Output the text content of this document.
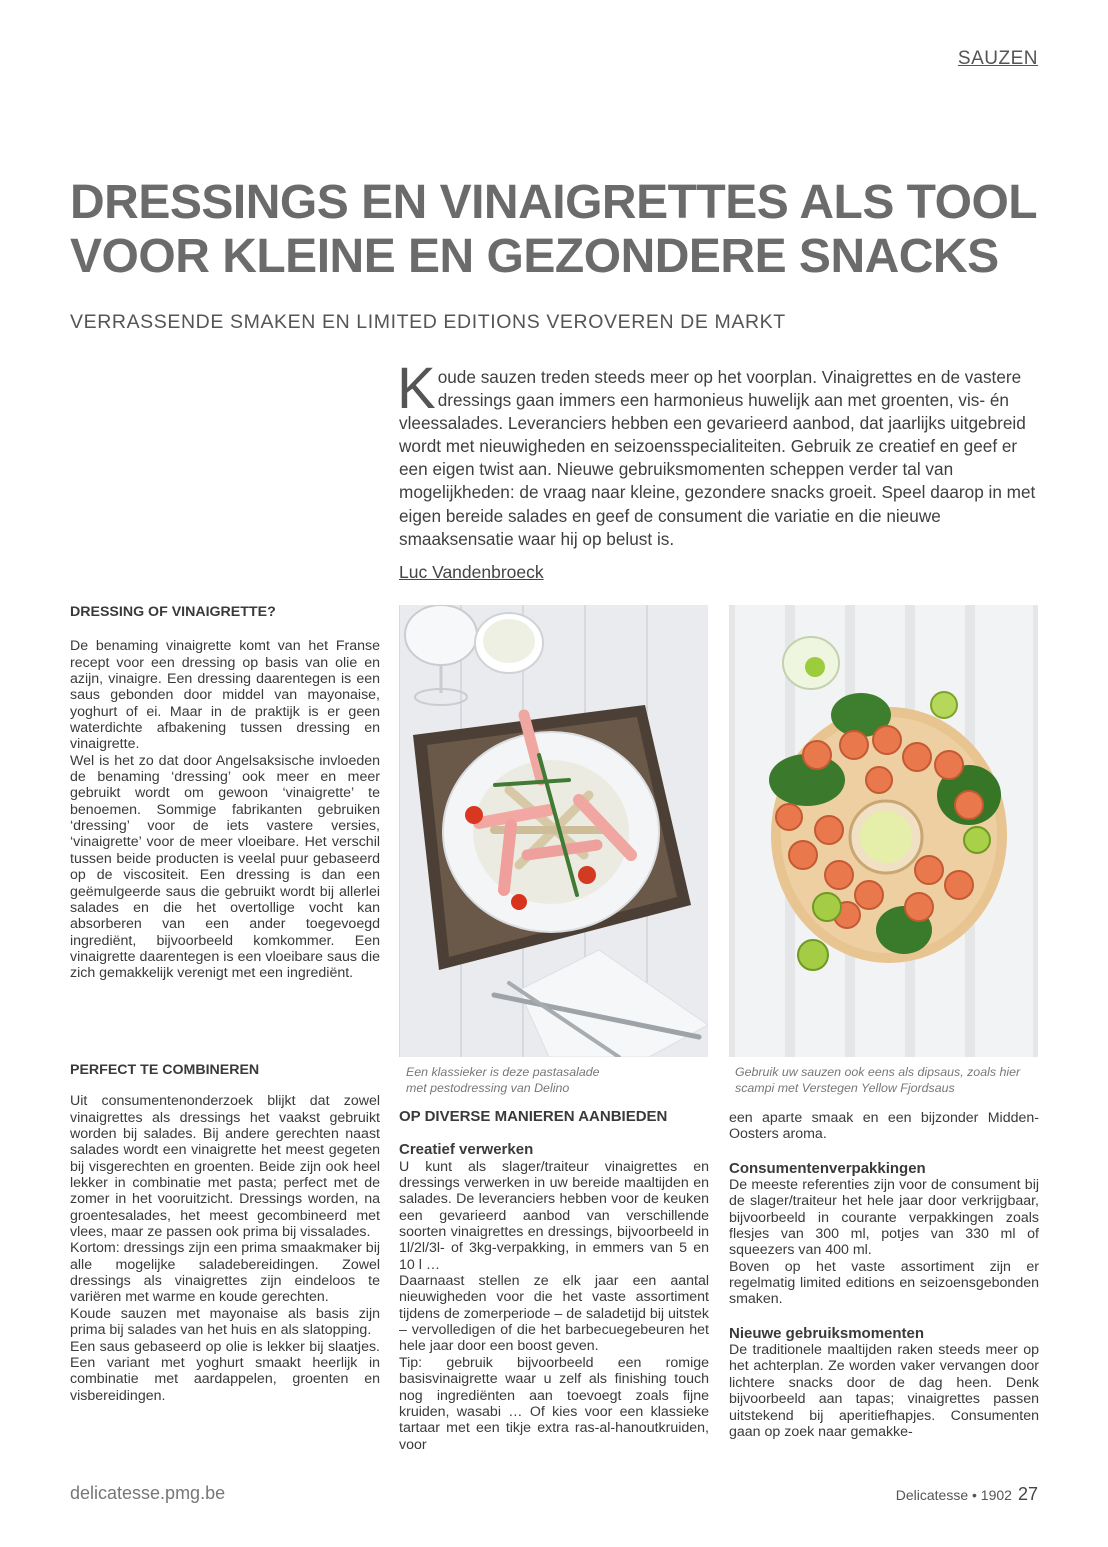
SAUZEN
DRESSINGS EN VINAIGRETTES ALS TOOL
VOOR KLEINE EN GEZONDERE SNACKS
VERRASSENDE SMAKEN EN LIMITED EDITIONS VEROVEREN DE MARKT

Koude sauzen treden steeds meer op het voorplan. Vinaigrettes en de vastere dressings gaan immers een harmonieus huwelijk aan met groenten, vis- én vleessalades. Leveranciers hebben een gevarieerd aanbod, dat jaarlijks uitgebreid wordt met nieuwigheden en seizoensspecialiteiten. Gebruik ze creatief en geef er een eigen twist aan. Nieuwe gebruiksmomenten scheppen verder tal van mogelijkheden: de vraag naar kleine, gezondere snacks groeit. Speel daarop in met eigen bereide salades en geef de consument die variatie en die nieuwe smaaksensatie waar hij op belust is.

Luc Vandenbroeck
DRESSING OF VINAIGRETTE?

De benaming vinaigrette komt van het Franse recept voor een dressing op basis van olie en azijn, vinaigre. Een dressing daarentegen is een saus gebonden door middel van mayonaise, yoghurt of ei. Maar in de praktijk is er geen waterdichte afbakening tussen dressing en vinaigrette.

Wel is het zo dat door Angelsaksische invloeden de benaming ‘dressing’ ook meer en meer gebruikt wordt om gewoon ‘vinaigrette’ te benoemen. Sommige fabrikanten gebruiken ‘dressing’ voor de iets vastere versies, ‘vinaigrette’ voor de meer vloeibare. Het verschil tussen beide producten is veelal puur gebaseerd op de viscositeit. Een dressing is dan een geëmulgeerde saus die gebruikt wordt bij allerlei salades en die het overtollige vocht kan absorberen van een ander toegevoegd ingrediënt, bijvoorbeeld komkommer. Een vinaigrette daarentegen is een vloeibare saus die zich gemakkelijk verenigt met een ingrediënt.

PERFECT TE COMBINEREN

Uit consumentenonderzoek blijkt dat zowel vinaigrettes als dressings het vaakst gebruikt worden bij salades. Bij andere gerechten naast salades wordt een vinaigrette het meest gegeten bij visgerechten en groenten. Beide zijn ook heel lekker in combinatie met pasta; perfect met de zomer in het vooruitzicht. Dressings worden, na groentesalades, het meest gecombineerd met vlees, maar ze passen ook prima bij vissalades.

Kortom: dressings zijn een prima smaakmaker bij alle mogelijke saladebereidingen. Zowel dressings als vinaigrettes zijn eindeloos te variëren met warme en koude gerechten.

Koude sauzen met mayonaise als basis zijn prima bij salades van het huis en als slatopping.

Een saus gebaseerd op olie is lekker bij slaatjes. Een variant met yoghurt smaakt heerlijk in combinatie met aardappelen, groenten en visbereidingen.

Een klassieker is deze pastasalade met pestodressing van Delino
Gebruik uw sauzen ook eens als dipsaus, zoals hier scampi met Verstegen Yellow Fjordsaus
OP DIVERSE MANIEREN AANBIEDEN
Creatief verwerken

U kunt als slager/traiteur vinaigrettes en dressings verwerken in uw bereide maaltijden en salades. De leveranciers hebben voor de keuken een gevarieerd aanbod van verschillende soorten vinaigrettes en dressings, bijvoorbeeld in 1l/2l/3l- of 3kg-verpakking, in emmers van 5 en 10 l …

Daarnaast stellen ze elk jaar een aantal nieuwigheden voor die het vaste assortiment tijdens de zomerperiode – de saladetijd bij uitstek – vervolledigen of die het barbecuegebeuren het hele jaar door een boost geven.

Tip: gebruik bijvoorbeeld een romige basisvinaigrette waar u zelf als finishing touch nog ingrediënten aan toevoegt zoals fijne kruiden, wasabi … Of kies voor een klassieke tartaar met een tikje extra ras-al-hanoutkruiden, voor

een aparte smaak en een bijzonder Midden-Oosters aroma.

Consumentenverpakkingen

De meeste referenties zijn voor de consument bij de slager/traiteur het hele jaar door verkrijgbaar, bijvoorbeeld in courante verpakkingen zoals flesjes van 300 ml, potjes van 330 ml of squeezers van 400 ml.

Boven op het vaste assortiment zijn er regelmatig limited editions en seizoensgebonden smaken.

Nieuwe gebruiksmomenten

De traditionele maaltijden raken steeds meer op het achterplan. Ze worden vaker vervangen door lichtere snacks door de dag heen. Denk bijvoorbeeld aan tapas; vinaigrettes passen uitstekend bij aperitiefhapjes. Consumenten gaan op zoek naar gemakke-

delicatesse.pmg.be	Delicatesse • 1902 27
